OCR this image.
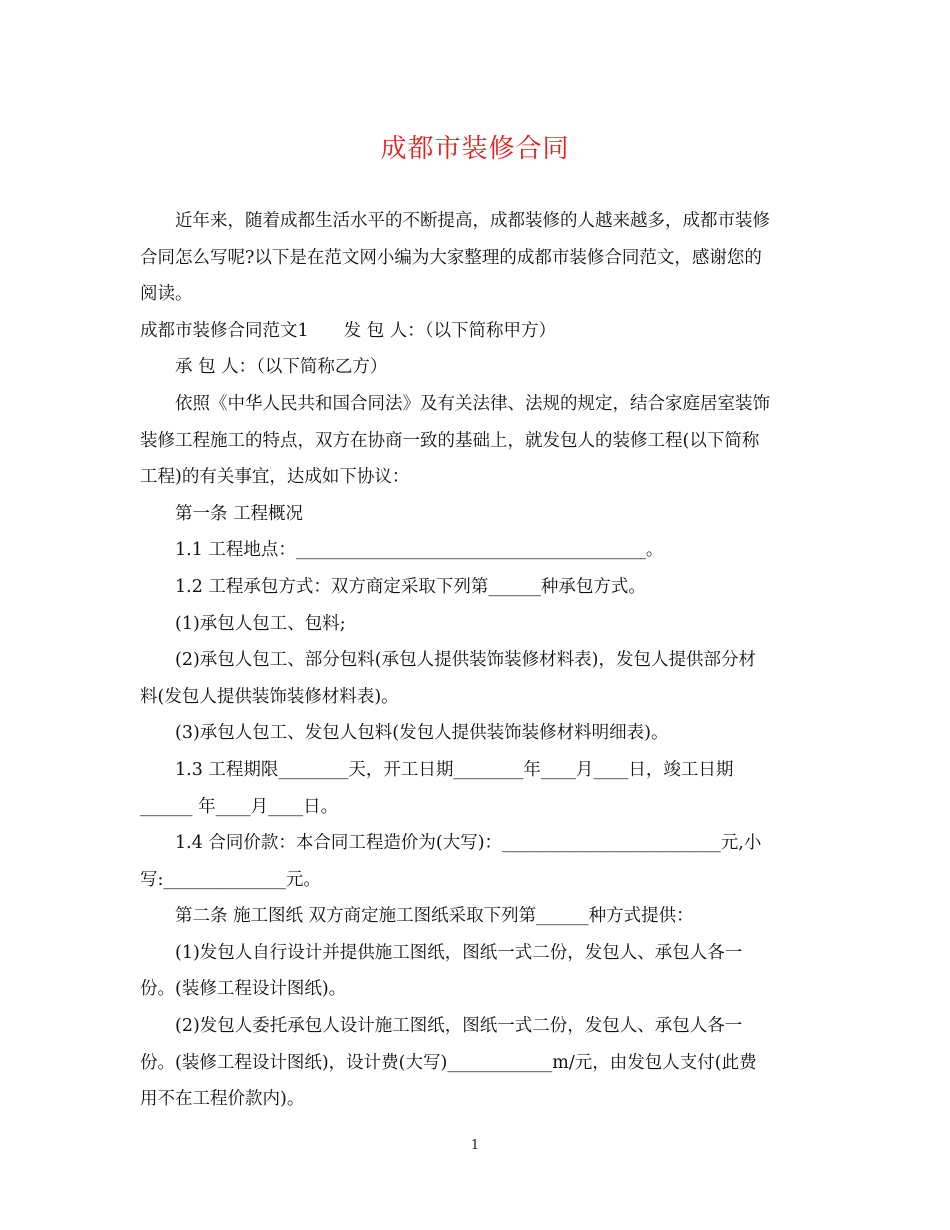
成都市装修合同
近年来，随着成都生活水平的不断提高，成都装修的人越来越多，成都市装修
合同怎么写呢?以下是在范文网小编为大家整理的成都市装修合同范文，感谢您的
阅读。
成都市装修合同范文1　　发 包 人：（以下简称甲方）
承 包 人：（以下简称乙方）
依照《中华人民共和国合同法》及有关法律、法规的规定，结合家庭居室装饰
装修工程施工的特点，双方在协商一致的基础上，就发包人的装修工程(以下简称
工程)的有关事宜，达成如下协议：
第一条 工程概况
1.1 工程地点：________________________________________。
1.2 工程承包方式：双方商定采取下列第______种承包方式。
(1)承包人包工、包料;
(2)承包人包工、部分包料(承包人提供装饰装修材料表)，发包人提供部分材
料(发包人提供装饰装修材料表)。
(3)承包人包工、发包人包料(发包人提供装饰装修材料明细表)。
1.3 工程期限________天，开工日期________年____月____日，竣工日期
______ 年____月____日。
1.4 合同价款：本合同工程造价为(大写)：_________________________元,小
写:______________元。
第二条 施工图纸 双方商定施工图纸采取下列第______种方式提供：
(1)发包人自行设计并提供施工图纸，图纸一式二份，发包人、承包人各一
份。(装修工程设计图纸)。
(2)发包人委托承包人设计施工图纸，图纸一式二份，发包人、承包人各一
份。(装修工程设计图纸)，设计费(大写)____________m/元，由发包人支付(此费
用不在工程价款内)。
1
